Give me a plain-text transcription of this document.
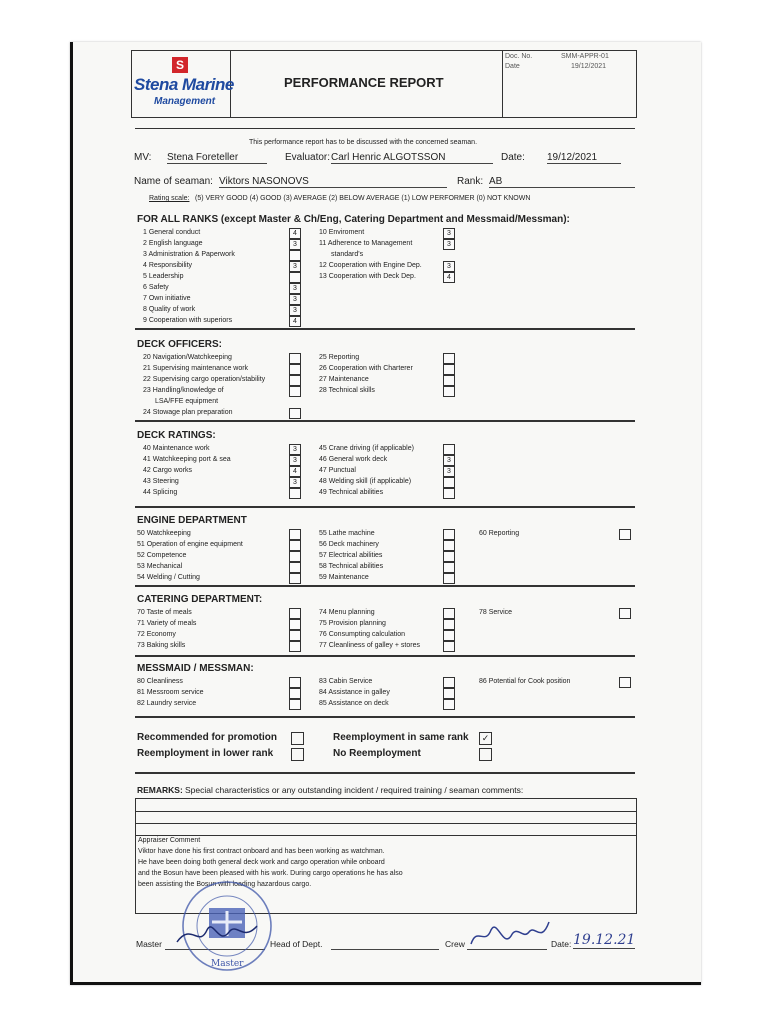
S
Stena Marine
Management
PERFORMANCE REPORT
Doc. No.	SMM-APPR-01
Date	19/12/2021
This performance report has to be discussed with the concerned seaman.
MV: Stena Foreteller	Evaluator: Carl Henric ALGOTSSON	Date: 19/12/2021
Name of seaman: Viktors NASONOVS	Rank: AB
Rating scale: (5) VERY GOOD (4) GOOD (3) AVERAGE (2) BELOW AVERAGE (1) LOW PERFORMER (0) NOT KNOWN
FOR ALL RANKS (except Master & Ch/Eng, Catering Department and Messmaid/Messman):
1 General conduct	4
2 English language	3
3 Administration & Paperwork
4 Responsibility	3
5 Leadership
6 Safety	3
7 Own initiative	3
8 Quality of work	3
9 Cooperation with superiors	4
10 Enviroment	3
11 Adherence to Management	3
standard's
12 Cooperation with Engine Dep.	3
13 Cooperation with Deck Dep.	4
DECK OFFICERS:
20 Navigation/Watchkeeping
21 Supervising maintenance work
22 Supervising cargo operation/stability
23 Handling/knowledge of
LSA/FFE equipment
24 Stowage plan preparation
25 Reporting
26 Cooperation with Charterer
27 Maintenance
28 Technical skills
DECK RATINGS:
40 Maintenance work	3
41 Watchkeeping port & sea	3
42 Cargo works	4
43 Steering	3
44 Splicing
45 Crane driving (if applicable)
46 General work deck	3
47 Punctual	3
48 Welding skill (if applicable)
49 Technical abilities
ENGINE DEPARTMENT
50 Watchkeeping
51 Operation of engine equipment
52 Competence
53 Mechanical
54 Welding / Cutting
55 Lathe machine
56 Deck machinery
57 Electrical abilities
58 Technical abilities
59 Maintenance
60 Reporting
CATERING DEPARTMENT:
70 Taste of meals
71 Variety of meals
72 Economy
73 Baking skills
74 Menu planning
75 Provision planning
76 Consumpting calculation
77 Cleanliness of galley + stores
78 Service
MESSMAID / MESSMAN:
80 Cleanliness
81 Messroom service
82 Laundry service
83 Cabin Service
84 Assistance in galley
85 Assistance on deck
86 Potential for Cook position
Recommended for promotion	Reemployment in same rank	✓
Reemployment in lower rank	No Reemployment
REMARKS: Special characteristics or any outstanding incident / required training / seaman comments:
Appraiser Comment
Viktor have done his first contract onboard and has been working as watchman.
He have been doing both general deck work and cargo operation while onboard
and the Bosun have been pleased with his work. During cargo operations he has also
been assisting the Bosun with loading hazardous cargo.
Master	Head of Dept.	Crew	Date: 19.12.21
Master
